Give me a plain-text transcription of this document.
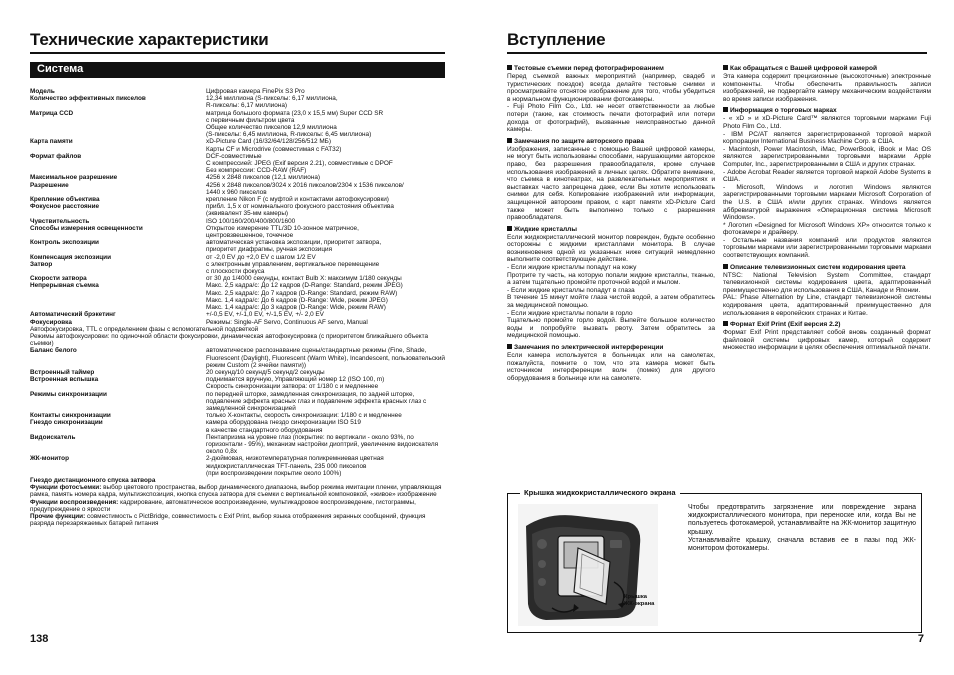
Технические характеристики
Система
Модель	Цифровая камера FinePix S3 Pro
Количество эффективных пикселов	12,34 миллиона (S-пикселы: 6,17 миллиона,
R-пикселы: 6,17 миллиона)
Матрица CCD	матрица большого формата (23,0 x 15,5 мм) Super CCD SR
с первичным фильтром цвета
Общее количество пикселов 12,9 миллиона
(S-пикселы: 6,45 миллиона, R-пикселы: 6,45 миллиона)
Карта памяти	xD-Picture Card (16/32/64/128/256/512 МБ)
Карты CF и Microdrive (совместимая с FAT32)
Формат файлов	DCF-совместимые
С компрессией: JPEG (Exif версия 2.21), совместимые с DPOF
Без компрессии: CCD-RAW (RAF)
Максимальное разрешение	4256 x 2848 пикселов (12,1 миллиона)
Разрешение	4256 x 2848 пикселов/3024 x 2016 пикселов/2304 x 1536 пикселов/
1440 x 960 пикселов
Крепление объектива	крепление Nikon F (с муфтой и контактами автофокусировки)
Фокусное расстояние	прибл. 1,5 x от номинального фокусного расстояния объектива
(эквивалент 35-мм камеры)
Чувствительность	ISO 100/160/200/400/800/1600
Способы измерения освещенности	Открытое измерение TTL/3D 10-зонное матричное,
центровзвешенное, точечное
Контроль экспозиции	автоматическая установка экспозиции, приоритет затвора,
приоритет диафрагмы, ручная экспозиция
Компенсация экспозиции	от -2,0 EV до +2,0 EV с шагом 1/2 EV
Затвор	с электронным управлением, вертикальное перемещение
с плоскости фокуса
Скорости затвора	от 30 до 1/4000 секунды, контакт Bulb X: максимум 1/180 секунды
Непрерывная съемка	Макс. 2,5 кадра/с: До 12 кадров (D-Range: Standard, режим JPEG)
Макс. 2,5 кадра/с: До 7 кадров (D-Range: Standard, режим RAW)
Макс. 1,4 кадра/с: До 6 кадров (D-Range: Wide, режим JPEG)
Макс. 1,4 кадра/с: До 3 кадров (D-Range: Wide, режим RAW)
Автоматический брэкетинг	+/-0,5 EV, +/-1,0 EV, +/-1,5 EV, +/- 2,0 EV
Фокусировка	Режимы: Single-AF Servo, Continuous AF servo, Manual
Автофокусировка, TTL с определением фазы с вспомогательной подсветкой
Режимы автофокусировки: по одиночной области фокусировки, динамическая автофокусировка (с приоритетом ближайшего объекта съемки)
Баланс белого	автоматическое распознавание сцены/стандартные режимы (Fine, Shade, Fluorescent (Daylight), Fluorescent (Warm White), Incandescent, пользовательский режим Custom (2 ячейки памяти))
Встроенный таймер	20 секунд/10 секунд/5 секунд/2 секунды
Встроенная вспышка	поднимается вручную, Управляющий номер 12 (ISO 100, m)
Скорость синхронизации затвора: от 1/180 с и медленнее
Режимы синхронизации	по передней шторке, замедленная синхронизация, по задней шторке, подавление эффекта красных глаз и подавление эффекта красных глаз с замедленной синхронизацией
Контакты синхронизации	только X-контакты, скорость синхронизации: 1/180 с и медленнее
Гнездо синхронизации	камера оборудована гнездо синхронизации ISO 519
в качестве стандартного оборудования
Видоискатель	Пентапризма на уровне глаз (покрытие: по вертикали - около 93%, по горизонтали - 95%), механизм настройки диоптрий, увеличение видоискателя около 0,8x
ЖК-монитор	2-дюймовая, низкотемпературная поликремниевая цветная жидкокристаллическая TFT-панель, 235 000 пикселов
(при воспроизведении покрытие около 100%)
Гнездо дистанционного спуска затвора
Функции фотосъемки: выбор цветового пространства, выбор динамического диапазона, выбор режима имитации пленки, управляющая рамка, память номера кадра, мультиэкспозиция, кнопка спуска затвора для съемки с вертикальной компоновкой, «живое» изображение
Функции воспроизведения: кадрирование, автоматическое воспроизведение, мультикадровое воспроизведение, гистограммы, предупреждение о яркости
Прочие функции: совместимость с PictBridge, совместимость с Exif Print, выбор языка отображения экранных сообщений, функция разряда перезаряжаемых батарей питания
138
Вступление
Тестовые съемки перед фотографированием
Перед съемкой важных мероприятий (например, свадеб и туристических поездок) всегда делайте тестовые снимки и просматривайте отснятое изображение для того, чтобы убедиться в нормальном функционировании фотокамеры.
- Fuji Photo Film Co., Ltd. не несет ответственности за любые потери (такие, как стоимость печати фотографий или потери дохода от фотографий), вызванные неисправностью данной камеры.
Замечания по защите авторского права
Изображения, записанные с помощью Вашей цифровой камеры, не могут быть использованы способами, нарушающими авторское право, без разрешения правообладателя, кроме случаев использования изображений в личных целях. Обратите внимание, что съемка в кинотеатрах, на развлекательных мероприятиях и выставках часто запрещена даже, если Вы хотите использовать снимки для себя. Копирование изображений или информации, защищенной авторским правом, с карт памяти xD-Picture Card также может быть выполнено только с разрешения правообладателя.
Жидкие кристаллы
Если жидкокристаллический монитор поврежден, будьте особенно осторожны с жидкими кристаллами монитора. В случае возникновения одной из указанных ниже ситуаций немедленно выполните соответствующее действие.
- Если жидкие кристаллы попадут на кожу
Протрите ту часть, на которую попали жидкие кристаллы, тканью, а затем тщательно промойте проточной водой и мылом.
- Если жидкие кристаллы попадут в глаза
В течение 15 минут мойте глаза чистой водой, а затем обратитесь за медицинской помощью.
- Если жидкие кристаллы попали в горло
Тщательно промойте горло водой. Выпейте большое количество воды и попробуйте вызвать рвоту. Затем обратитесь за медицинской помощью.
Замечания по электрической интерференции
Если камера используется в больницах или на самолетах, пожалуйста, помните о том, что эта камера может быть источником интерференции волн (помех) для другого оборудования в больнице или на самолете.
Как обращаться с Вашей цифровой камерой
Эта камера содержит прецизионные (высокоточные) электронные компоненты. Чтобы обеспечить правильность записи изображений, не подвергайте камеру механическим воздействиям во время записи изображения.
Информация о торговых марках
- « xD » и xD-Picture Card™ являются торговыми марками Fuji Photo Film Co., Ltd.
- IBM PC/AT является зарегистрированной торговой маркой корпорации International Business Machine Corp. в США.
- Macintosh, Power Macintosh, iMac, PowerBook, iBook и Mac OS являются зарегистрированными торговыми марками Apple Computer, Inc., зарегистрированными в США и других странах.
- Adobe Acrobat Reader является торговой маркой Adobe Systems в США.
- Microsoft, Windows и логотип Windows являются зарегистрированными торговыми марками Microsoft Corporation of the U.S. в США и/или других странах. Windows является аббревиатурой выражения «Операционная система Microsoft Windows».
* Логотип «Designed for Microsoft Windows XP» относится только к фотокамере и драйверу.
- Остальные названия компаний или продуктов являются торговыми марками или зарегистрированными торговыми марками соответствующих компаний.
Описание телевизионных систем кодирования цвета
NTSC: National Television System Committee, стандарт телевизионной системы кодирования цвета, адаптированный преимущественно для использования в США, Канаде и Японии.
PAL: Phase Alternation by Line, стандарт телевизионной системы кодирования цвета, адаптированный преимущественно для использования в европейских странах и Китае.
Формат Exif Print (Exif версия 2.2)
Формат Exif Print представляет собой вновь созданный формат файловой системы цифровых камер, который содержит множество информации в целях обеспечения оптимальной печати.
Крышка жидкокристаллического экрана
Крышка
ЖК-экрана
Чтобы предотвратить загрязнение или повреждение экрана жидкокристаллического монитора, при переноске или, когда Вы не пользуетесь фотокамерой, устанавливайте на ЖК-монитор защитную крышку.
Устанавливайте крышку, сначала вставив ее в пазы под ЖК-монитором фотокамеры.
7
